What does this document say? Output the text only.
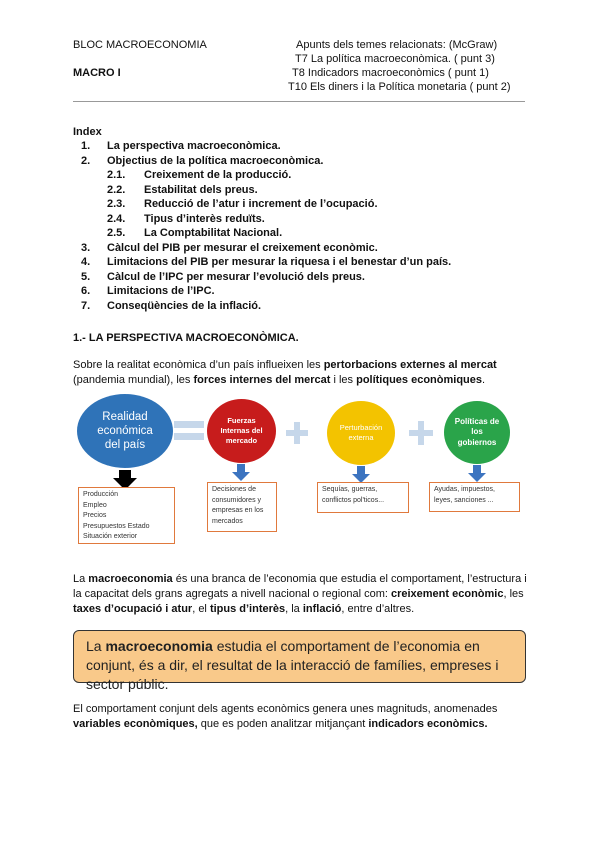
BLOC MACROECONOMIA
MACRO I
Apunts dels temes relacionats: (McGraw)
T7 La política macroeconòmica. ( punt 3)
T8 Indicadors macroeconòmics ( punt 1)
T10 Els diners i la Política monetaria ( punt 2)
Index
1. La perspectiva macroeconòmica.
2. Objectius de la política macroeconòmica.
2.1. Creixement de la producció.
2.2. Estabilitat dels preus.
2.3. Reducció de l’atur i increment de l’ocupació.
2.4. Tipus d’interès reduïts.
2.5. La Comptabilitat Nacional.
3. Càlcul del PIB per mesurar el creixement econòmic.
4. Limitacions del PIB per mesurar la riquesa i el benestar d’un país.
5. Càlcul de l’IPC per mesurar l’evolució dels preus.
6. Limitacions de l’IPC.
7. Conseqüències de la inflació.
1.- LA PERSPECTIVA MACROECONÒMICA.
Sobre la realitat econòmica d’un país influeixen les pertorbacions externes al mercat (pandemia mundial), les forces internes del mercat i les polítiques econòmiques.
Realidad económica del país
Fuerzas Internas del mercado
Perturbación externa
Políticas de los gobiernos
Producción
Empleo
Precios
Presupuestos Estado
Situación exterior
Decisiones de consumidores y empresas en los mercados
Sequías, guerras, conflictos pol'ticos...
Ayudas, impuestos, leyes, sanciones ...
La macroeconomia és una branca de l’economia que estudia el comportament, l’estructura i la capacitat dels grans agregats a nivell nacional o regional com: creixement econòmic, les taxes d’ocupació i atur, el tipus d’interès, la inflació, entre d’altres.
La macroeconomia estudia el comportament de l’economia en conjunt, és a dir, el resultat de la interacció de famílies, empreses i sector públic.
El comportament conjunt dels agents econòmics genera unes magnituds, anomenades variables econòmiques, que es poden analitzar mitjançant indicadors econòmics.
